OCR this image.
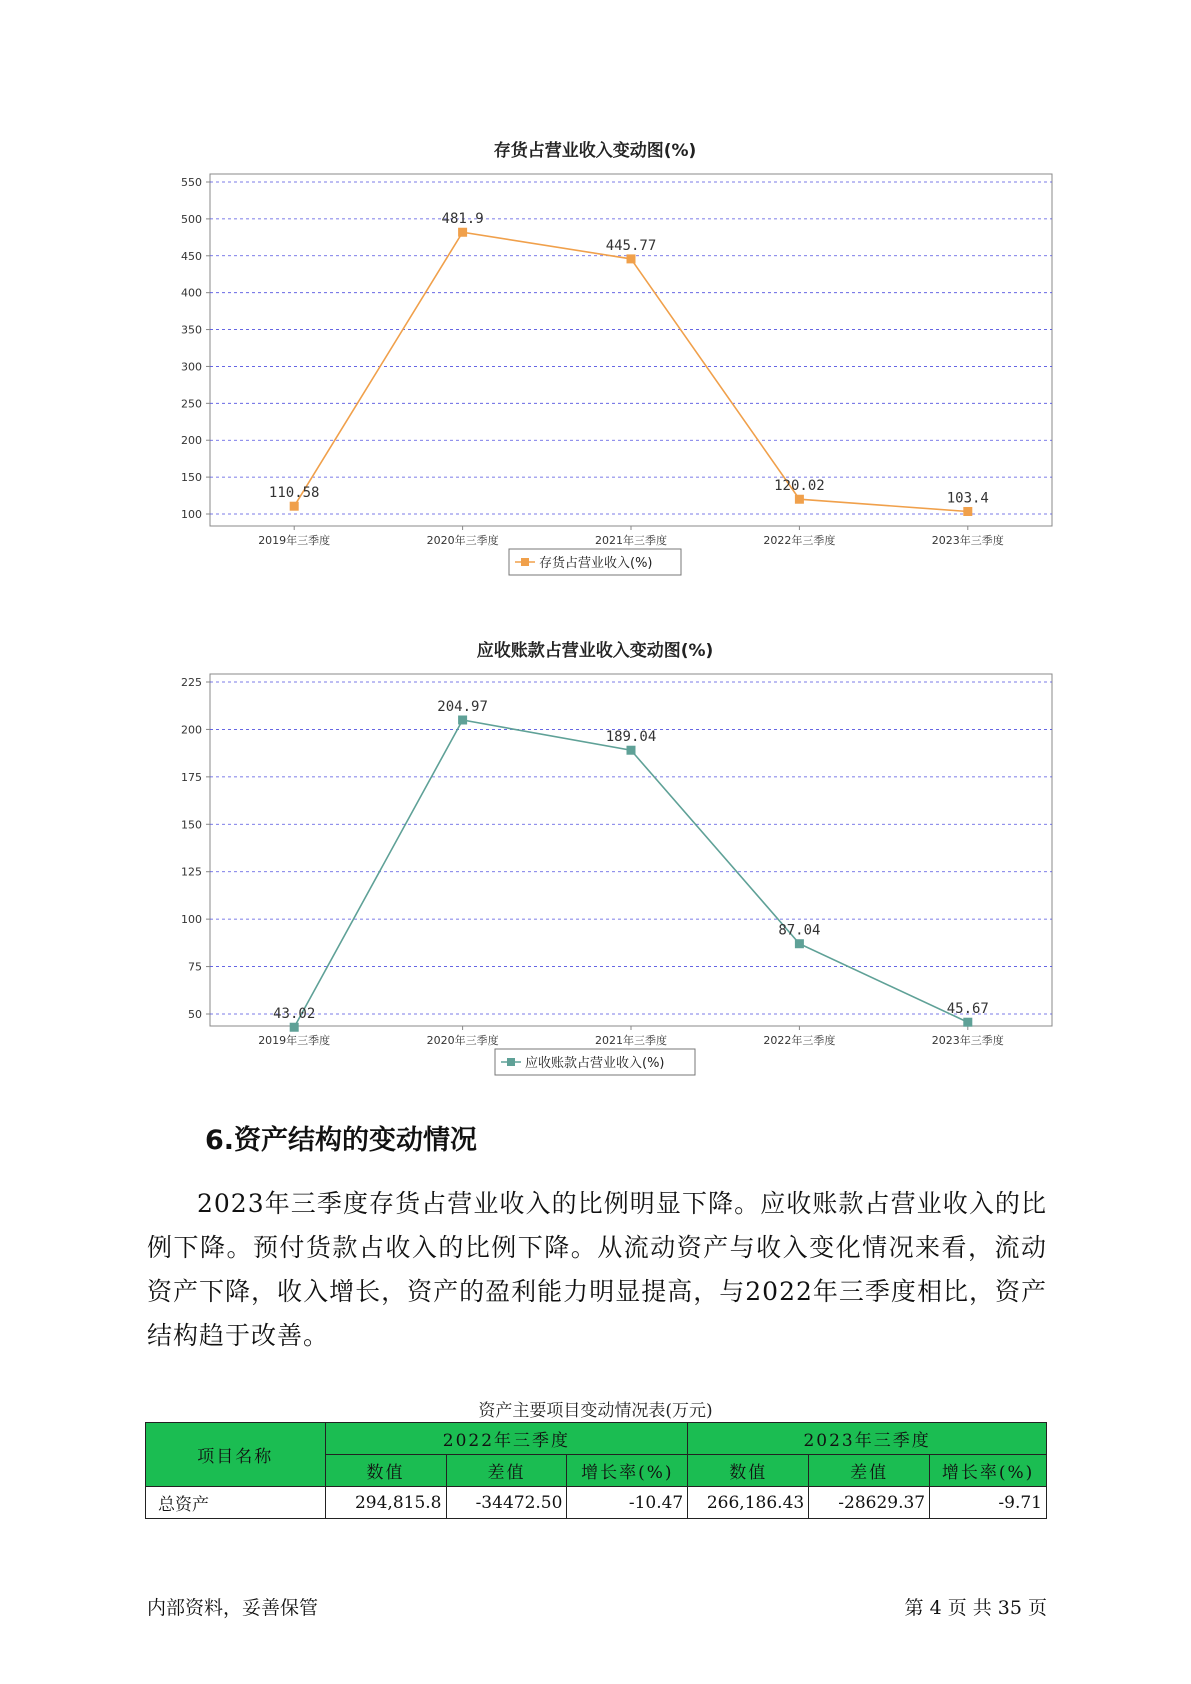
存货占营业收入变动图(%)
100
150
200
250
300
350
400
450
500
550
2019年三季度	2020年三季度	2021年三季度	2022年三季度	2023年三季度
110.58
481.9
445.77
120.02
103.4
存货占营业收入(%)
应收账款占营业收入变动图(%)
50
75
100
125
150
175
200
225
2019年三季度	2020年三季度	2021年三季度	2022年三季度	2023年三季度
43.02
204.97
189.04
87.04
45.67
应收账款占营业收入(%)
6.资产结构的变动情况

2023年三季度存货占营业收入的比例明显下降。应收账款占营业收入的比例下降。预付货款占收入的比例下降。从流动资产与收入变化情况来看，流动资产下降，收入增长，资产的盈利能力明显提高，与2022年三季度相比，资产结构趋于改善。

资产主要项目变动情况表(万元)
项目名称	2022年三季度			2023年三季度		
	数值	差值	增长率(%)	数值	差值	增长率(%)
总资产	294,815.8	-34472.50	-10.47	266,186.43	-28629.37	-9.71
内部资料，妥善保管	第 4 页 共 35 页
